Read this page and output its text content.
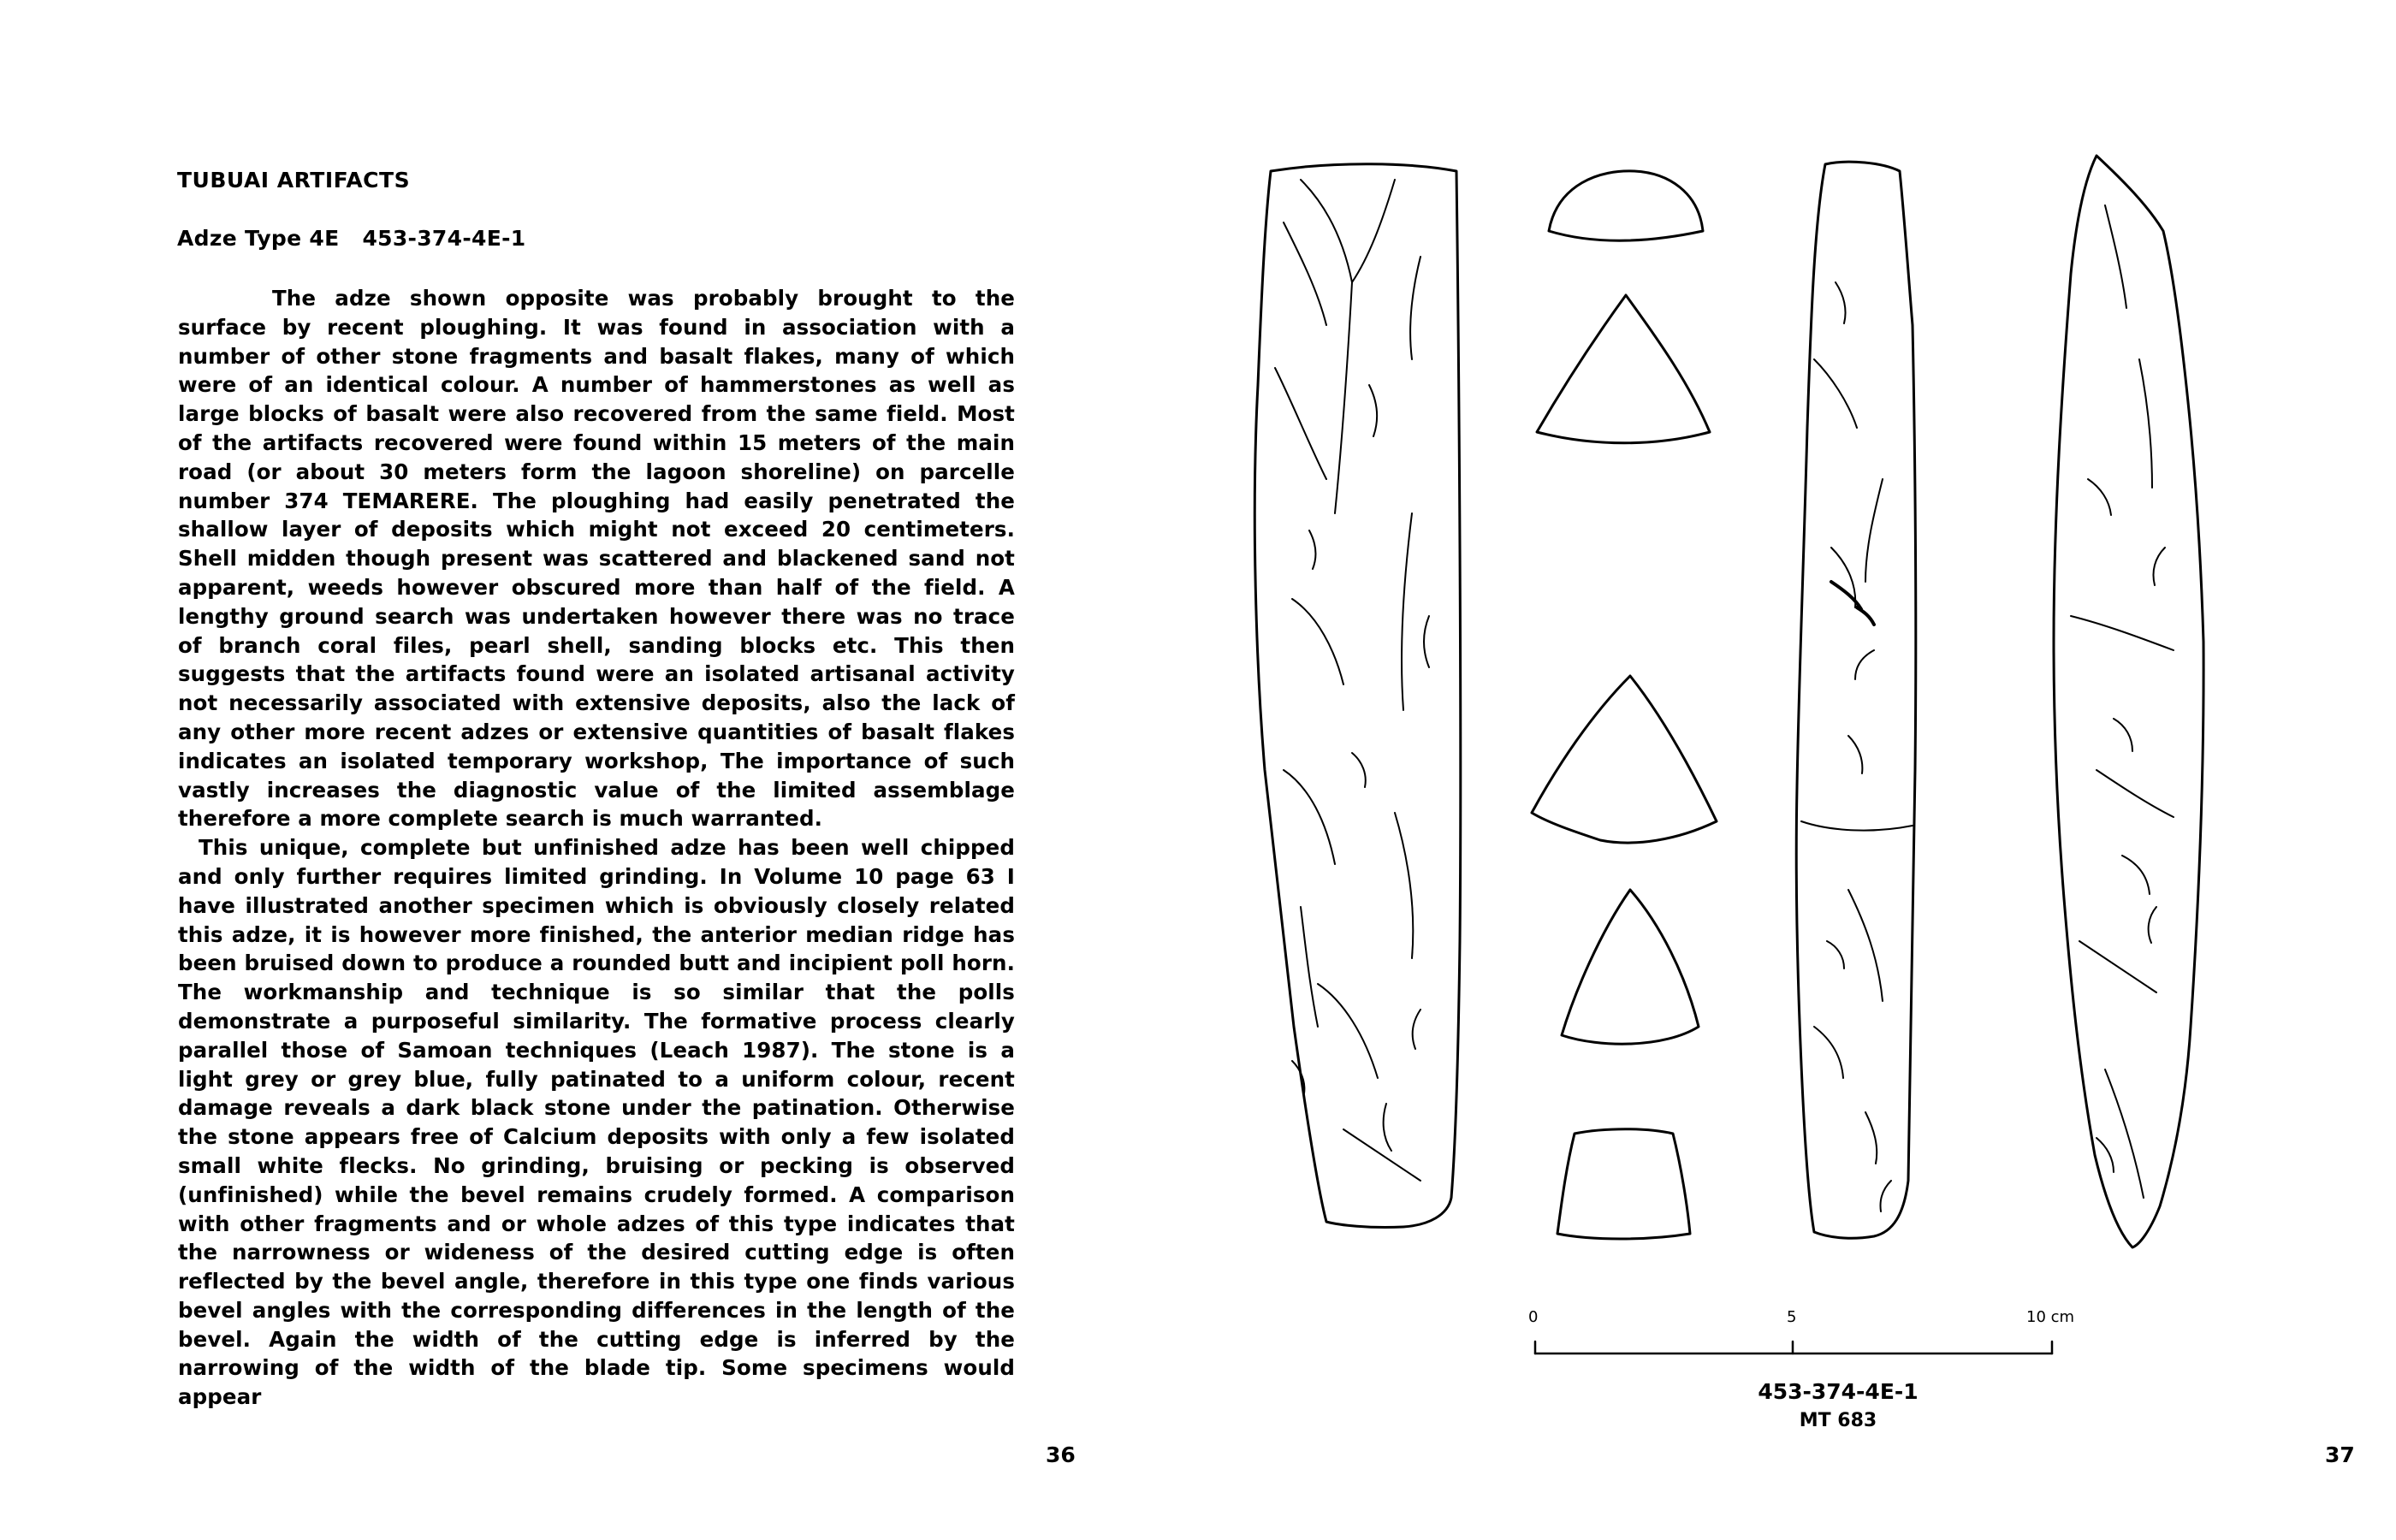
TUBUAI ARTIFACTS
Adze Type 4E   453-374-4E-1

The adze shown opposite was probably brought to the surface by recent ploughing. It was found in association with a number of other stone fragments and basalt flakes, many of which were of an identical colour. A number of hammerstones as well as large blocks of basalt were also recovered from the same field. Most of the artifacts recovered were found within 15 meters of the main road (or about 30 meters form the lagoon shoreline) on parcelle number 374 TEMARERE. The ploughing had easily penetrated the shallow layer of deposits which might not exceed 20 centimeters. Shell midden though present was scattered and blackened sand not apparent, weeds however obscured more than half of the field. A lengthy ground search was undertaken however there was no trace of branch coral files, pearl shell, sanding blocks etc. This then suggests that the artifacts found were an isolated artisanal activity not necessarily associated with extensive deposits, also the lack of any other more recent adzes or extensive quantities of basalt flakes indicates an isolated temporary workshop, The importance of such vastly increases the diagnostic value of the limited assemblage therefore a more complete search is much warranted.

This unique, complete but unfinished adze has been well chipped and only further requires limited grinding. In Volume 10 page 63 I have illustrated another specimen which is obviously closely related this adze, it is however more finished, the anterior median ridge has been bruised down to produce a rounded butt and incipient poll horn. The workmanship and technique is so similar that the polls demonstrate a purposeful similarity. The formative process clearly parallel those of Samoan techniques (Leach 1987). The stone is a light grey or grey blue, fully patinated to a uniform colour, recent damage reveals a dark black stone under the patination. Otherwise the stone appears free of Calcium deposits with only a few isolated small white flecks. No grinding, bruising or pecking is observed (unfinished) while the bevel remains crudely formed. A comparison with other fragments and or whole adzes of this type indicates that the narrowness or wideness of the desired cutting edge is often reflected by the bevel angle, therefore in this type one finds various bevel angles with the corresponding differences in the length of the bevel. Again the width of the cutting edge is inferred by the narrowing of the width of the blade tip. Some specimens would appear

36
0	5	10 cm
453-374-4E-1
MT 683
37
